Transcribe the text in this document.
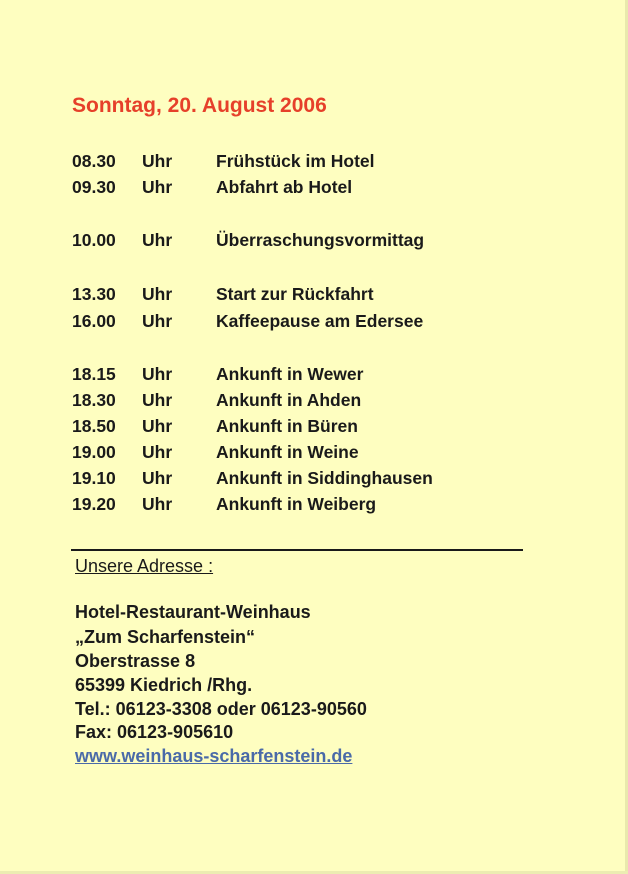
Sonntag, 20. August 2006
08.30 Uhr	Frühstück im Hotel
09.30 Uhr	Abfahrt ab Hotel
10.00 Uhr	Überraschungsvormittag
13.30 Uhr	Start zur Rückfahrt
16.00 Uhr	Kaffeepause am Edersee
18.15 Uhr	Ankunft in Wewer
18.30 Uhr	Ankunft in Ahden
18.50 Uhr	Ankunft in Büren
19.00 Uhr	Ankunft in Weine
19.10 Uhr	Ankunft in Siddinghausen
19.20 Uhr	Ankunft in Weiberg
Unsere Adresse :
Hotel-Restaurant-Weinhaus
„Zum Scharfenstein“
Oberstrasse 8
65399 Kiedrich /Rhg.
Tel.: 06123-3308 oder 06123-90560
Fax: 06123-905610
www.weinhaus-scharfenstein.de
